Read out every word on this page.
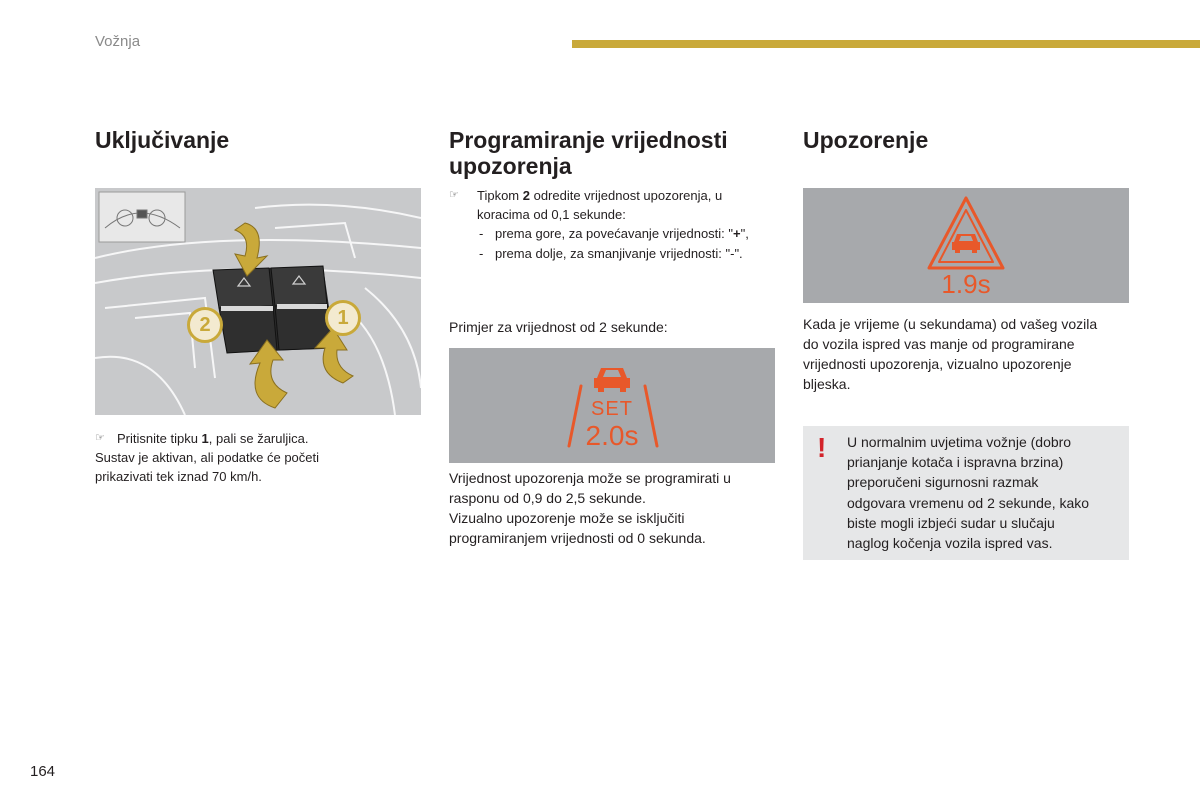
Vožnja
Uključivanje
2	1
☞ Pritisnite tipku 1, pali se žaruljica.

Sustav je aktivan, ali podatke će početi

prikazivati tek iznad 70 km/h.

Programiranje vrijednosti
upozorenja
☞	Tipkom 2 odredite vrijednost upozorenja, u
koracima od 0,1 sekunde:
- prema gore, za povećavanje vrijednosti: "+",
- prema dolje, za smanjivanje vrijednosti: "-".

Primjer za vrijednost od 2 sekunde:

SET
2.0s

Vrijednost upozorenja može se programirati u

rasponu od 0,9 do 2,5 sekunde.

Vizualno upozorenje može se isključiti

programiranjem vrijednosti od 0 sekunda.

Upozorenje
1.9s

Kada je vrijeme (u sekundama) od vašeg vozila

do vozila ispred vas manje od programirane

vrijednosti upozorenja, vizualno upozorenje

bljeska.

! U normalnim uvjetima vožnje (dobro
prianjanje kotača i ispravna brzina)
preporučeni sigurnosni razmak
odgovara vremenu od 2 sekunde, kako
biste mogli izbjeći sudar u slučaju
naglog kočenja vozila ispred vas.
164
